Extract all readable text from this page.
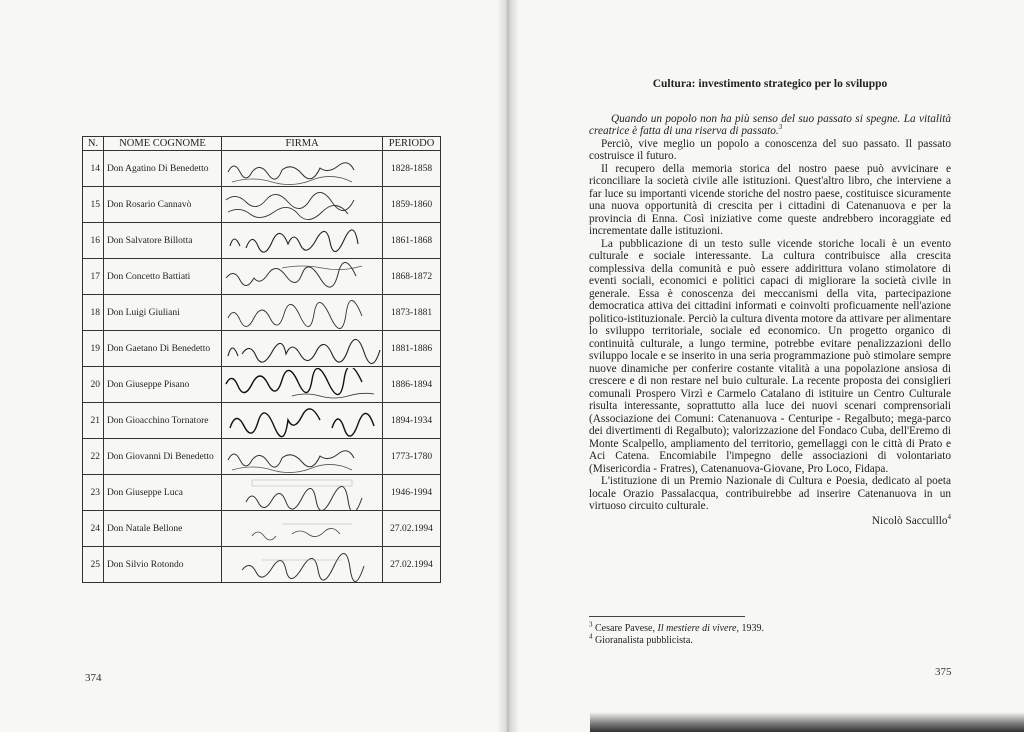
N.	NOME COGNOME	FIRMA	PERIODO
14	Don Agatino Di Benedetto		1828-1858
15	Don Rosario Cannavò		1859-1860
16	Don Salvatore Billotta		1861-1868
17	Don Concetto Battiati		1868-1872
18	Don Luigi Giuliani		1873-1881
19	Don Gaetano Di Benedetto		1881-1886
20	Don Giuseppe Pisano		1886-1894
21	Don Gioacchino Tornatore		1894-1934
22	Don Giovanni Di Benedetto		1773-1780
23	Don Giuseppe Luca		1946-1994
24	Don Natale Bellone		27.02.1994
25	Don Silvio Rotondo		27.02.1994
374
Cultura: investimento strategico per lo sviluppo

Quando un popolo non ha più senso del suo passato si spegne. La vitalità creatrice è fatta di una riserva di passato.$^3$

Perciò, vive meglio un popolo a conoscenza del suo passato. Il passato costruisce il futuro.

Il recupero della memoria storica del nostro paese può avvicinare e riconciliare la società civile alle istituzioni. Quest'altro libro, che interviene a far luce su importanti vicende storiche del nostro paese, costituisce sicuramente una nuova opportunità di crescita per i cittadini di Catenanuova e per la provincia di Enna. Così iniziative come queste andrebbero incoraggiate ed incrementate dalle istituzioni.

La pubblicazione di un testo sulle vicende storiche locali è un evento culturale e sociale interessante. La cultura contribuisce alla crescita complessiva della comunità e può essere addirittura volano stimolatore di eventi sociali, economici e politici capaci di migliorare la società civile in generale. Essa è conoscenza dei meccanismi della vita, partecipazione democratica attiva dei cittadini informati e coinvolti proficuamente nell'azione politico-istituzionale. Perciò la cultura diventa motore da attivare per alimentare lo sviluppo territoriale, sociale ed economico. Un progetto organico di continuità culturale, a lungo termine, potrebbe evitare penalizzazioni dello sviluppo locale e se inserito in una seria programmazione può stimolare sempre nuove dinamiche per conferire costante vitalità a una popolazione ansiosa di crescere e di non restare nel buio culturale. La recente proposta dei consiglieri comunali Prospero Virzì e Carmelo Catalano di istituire un Centro Culturale risulta interessante, soprattutto alla luce dei nuovi scenari comprensoriali (Associazione dei Comuni: Catenanuova - Centuripe - Regalbuto; mega-parco dei divertimenti di Regalbuto); valorizzazione del Fondaco Cuba, dell'Eremo di Monte Scalpello, ampliamento del territorio, gemellaggi con le città di Prato e Aci Catena. Encomiabile l'impegno delle associazioni di volontariato (Misericordia - Fratres), Catenanuova-Giovane, Pro Loco, Fidapa.

L'istituzione di un Premio Nazionale di Cultura e Poesia, dedicato al poeta locale Orazio Passalacqua, contribuirebbe ad inserire Catenanuova in un virtuoso circuito culturale.

Nicolò Sacculllo$^4$
$^3$ Cesare Pavese, Il mestiere di vivere, 1939.
$^4$ Gioranalista pubblicista.
375
